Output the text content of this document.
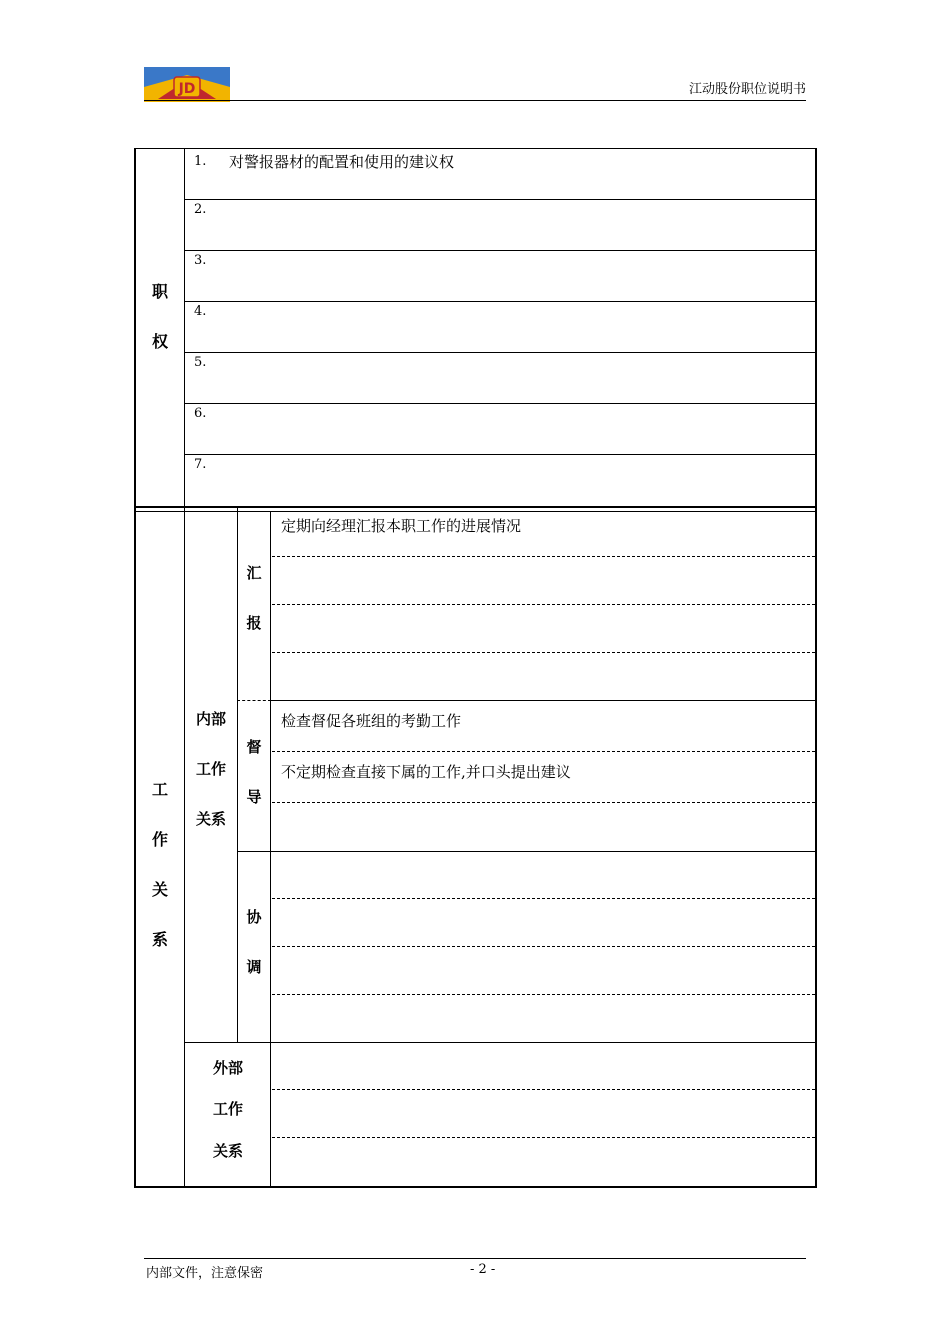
JD	江动股份职位说明书
职
权
1. 对警报器材的配置和使用的建议权
2.
3.
4.
5.
6.
7.
工
作
关
系
内部
工作
关系
汇
报
定期向经理汇报本职工作的进展情况
督
导
检查督促各班组的考勤工作
不定期检查直接下属的工作,并口头提出建议
协
调
外部
工作
关系
内部文件，注意保密	- 2 -
